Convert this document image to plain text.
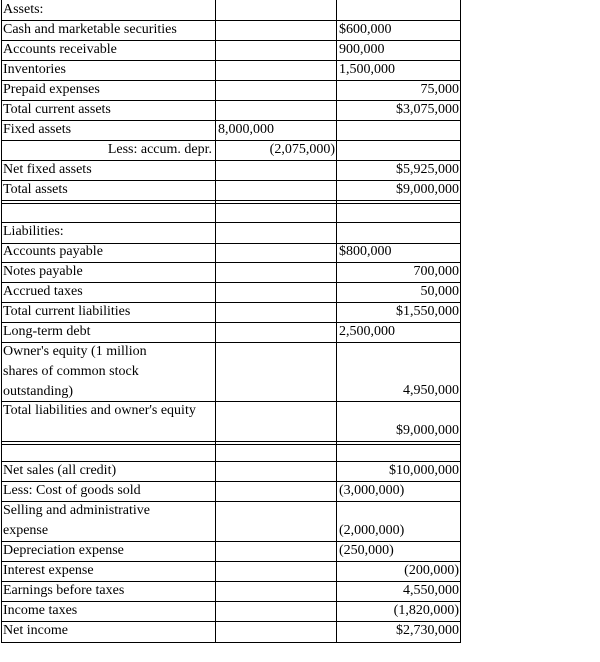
Assets:
Cash and marketable securities	$600,000
Accounts receivable	900,000
Inventories	1,500,000
Prepaid expenses	75,000
Total current assets	$3,075,000
Fixed assets	8,000,000
Less: accum. depr.	(2,075,000)
Net fixed assets	$5,925,000
Total assets	$9,000,000
Liabilities:
Accounts payable	$800,000
Notes payable	700,000
Accrued taxes	50,000
Total current liabilities	$1,550,000
Long-term debt	2,500,000
Owner's equity (1 million shares of common stock outstanding)	4,950,000
Total liabilities and owner's equity
$9,000,000
Net sales (all credit)	$10,000,000
Less: Cost of goods sold	(3,000,000)
Selling and administrative expense	(2,000,000)
Depreciation expense	(250,000)
Interest expense	(200,000)
Earnings before taxes	4,550,000
Income taxes	(1,820,000)
Net income	$2,730,000
